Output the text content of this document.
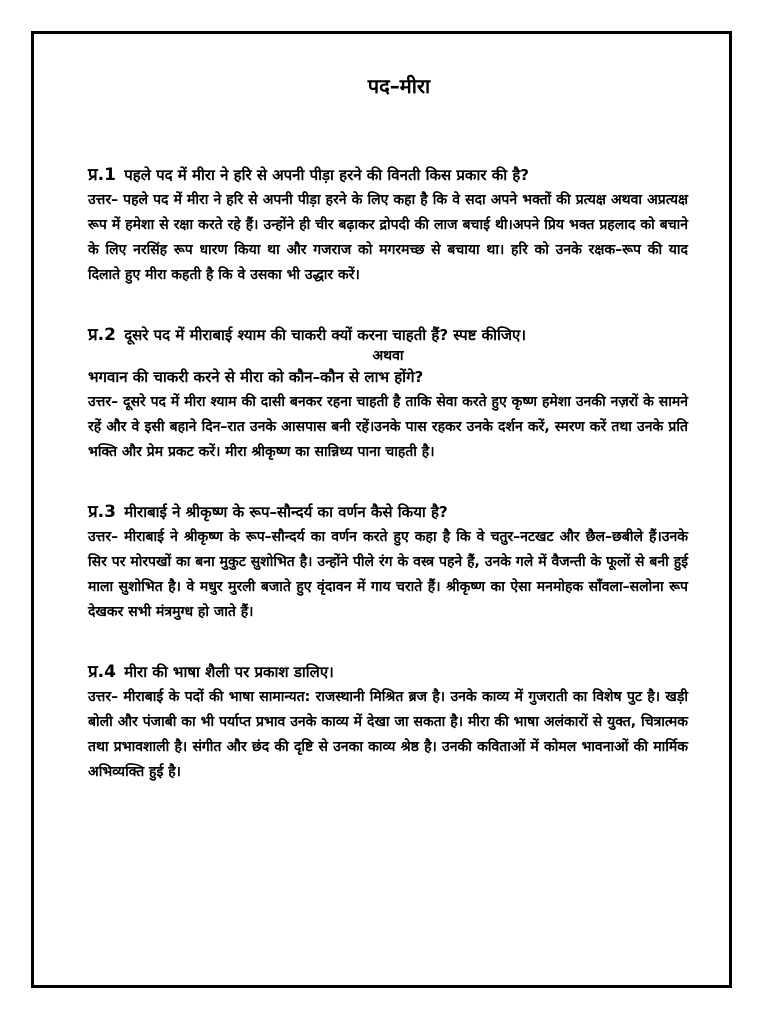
पद–मीरा

प्र.1 पहले पद में मीरा ने हरि से अपनी पीड़ा हरने की विनती किस प्रकार की है?

उत्तर– पहले पद में मीरा ने हरि से अपनी पीड़ा हरने के लिए कहा है कि वे सदा अपने भक्तों की प्रत्यक्ष अथवा अप्रत्यक्ष रूप में हमेशा से रक्षा करते रहे हैं। उन्होंने ही चीर बढ़ाकर द्रोपदी की लाज बचाई थी।अपने प्रिय भक्त प्रहलाद को बचाने के लिए नरसिंह रूप धारण किया था और गजराज को मगरमच्छ से बचाया था। हरि को उनके रक्षक–रूप की याद दिलाते हुए मीरा कहती है कि वे उसका भी उद्धार करें।

प्र.2 दूसरे पद में मीराबाई श्याम की चाकरी क्यों करना चाहती हैं? स्पष्ट कीजिए।

अथवा

भगवान की चाकरी करने से मीरा को कौन–कौन से लाभ होंगे?

उत्तर– दूसरे पद में मीरा श्याम की दासी बनकर रहना चाहती है ताकि सेवा करते हुए कृष्ण हमेशा उनकी नज़रों के सामने रहें और वे इसी बहाने दिन–रात उनके आसपास बनी रहें।उनके पास रहकर उनके दर्शन करें, स्मरण करें तथा उनके प्रति भक्ति और प्रेम प्रकट करें। मीरा श्रीकृष्ण का सान्निध्य पाना चाहती है।

प्र.3 मीराबाई ने श्रीकृष्ण के रूप–सौन्दर्य का वर्णन कैसे किया है?

उत्तर– मीराबाई ने श्रीकृष्ण के रूप–सौन्दर्य का वर्णन करते हुए कहा है कि वे चतुर–नटखट और छैल–छबीले हैं।उनके सिर पर मोरपखों का बना मुकुट सुशोभित है। उन्होंने पीले रंग के वस्त्र पहने हैं, उनके गले में वैजन्ती के फूलों से बनी हुई माला सुशोभित है। वे मधुर मुरली बजाते हुए वृंदावन में गाय चराते हैं। श्रीकृष्ण का ऐसा मनमोहक साँवला–सलोना रूप देखकर सभी मंत्रमुग्ध हो जाते हैं।

प्र.4 मीरा की भाषा शैली पर प्रकाश डालिए।

उत्तर– मीराबाई के पदों की भाषा सामान्यत: राजस्थानी मिश्रित ब्रज है। उनके काव्य में गुजराती का विशेष पुट है। खड़ी बोली और पंजाबी का भी पर्याप्त प्रभाव उनके काव्य में देखा जा सकता है। मीरा की भाषा अलंकारों से युक्त, चित्रात्मक तथा प्रभावशाली है। संगीत और छंद की दृष्टि से उनका काव्य श्रेष्ठ है। उनकी कविताओं में कोमल भावनाओं की मार्मिक अभिव्यक्ति हुई है।
